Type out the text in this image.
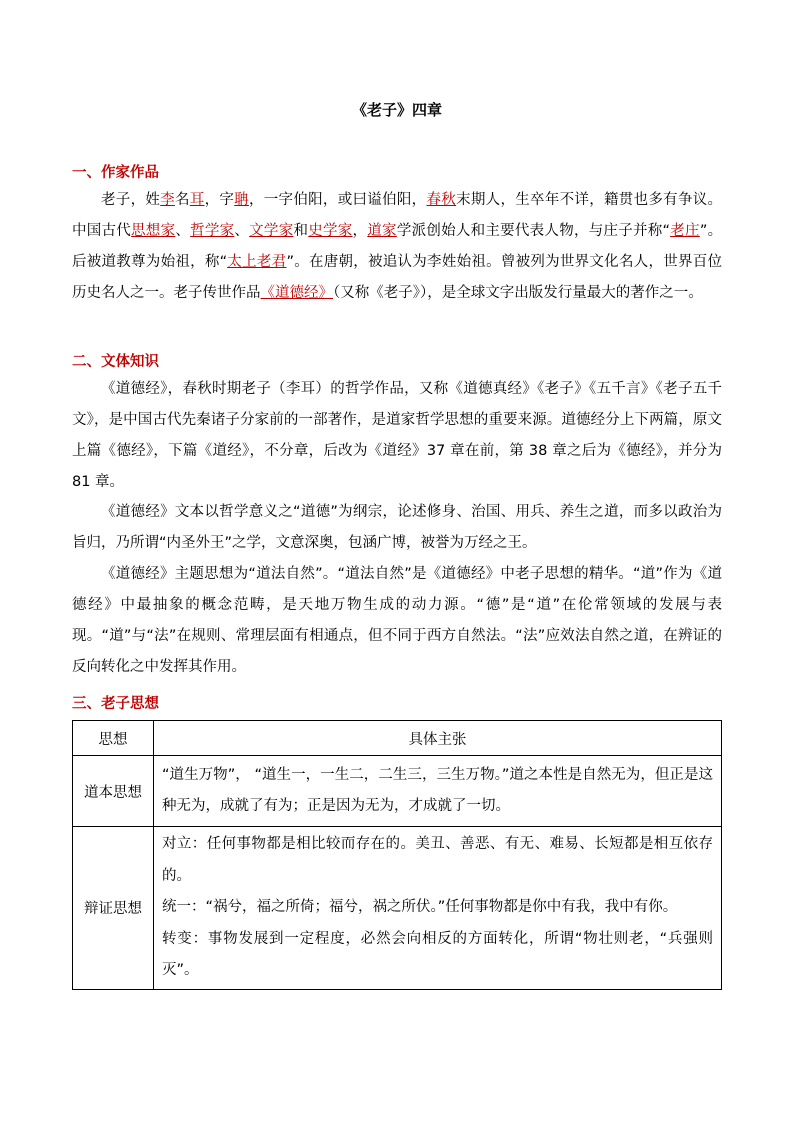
《老子》四章
一、作家作品
老子，姓李名耳，字聃，一字伯阳，或曰谥伯阳，春秋末期人，生卒年不详，籍贯也多有争议。中国古代思想家、哲学家、文学家和史学家，道家学派创始人和主要代表人物，与庄子并称“老庄”。后被道教尊为始祖，称“太上老君”。在唐朝，被追认为李姓始祖。曾被列为世界文化名人，世界百位历史名人之一。老子传世作品《道德经》（又称《老子》），是全球文字出版发行量最大的著作之一。
二、文体知识
《道德经》，春秋时期老子（李耳）的哲学作品，又称《道德真经》《老子》《五千言》《老子五千文》，是中国古代先秦诸子分家前的一部著作，是道家哲学思想的重要来源。道德经分上下两篇，原文上篇《德经》，下篇《道经》，不分章，后改为《道经》37 章在前，第 38 章之后为《德经》，并分为 81 章。
《道德经》文本以哲学意义之“道德”为纲宗，论述修身、治国、用兵、养生之道，而多以政治为旨归，乃所谓“内圣外王”之学，文意深奥，包涵广博，被誉为万经之王。
《道德经》主题思想为“道法自然”。“道法自然”是《道德经》中老子思想的精华。“道”作为《道德经》中最抽象的概念范畴，是天地万物生成的动力源。“德”是“道”在伦常领域的发展与表现。“道”与“法”在规则、常理层面有相通点，但不同于西方自然法。“法”应效法自然之道，在辨证的反向转化之中发挥其作用。
三、老子思想
思想	具体主张
道本思想	“道生万物”， “道生一，一生二，二生三，三生万物。”道之本性是自然无为，但正是这种无为，成就了有为；正是因为无为，才成就了一切。

辩证思想	对立：任何事物都是相比较而存在的。美丑、善恶、有无、难易、长短都是相互依存的。

统一：“祸兮，福之所倚；福兮，祸之所伏。”任何事物都是你中有我，我中有你。

转变：事物发展到一定程度，必然会向相反的方面转化，所谓“物壮则老，“兵强则灭”。
